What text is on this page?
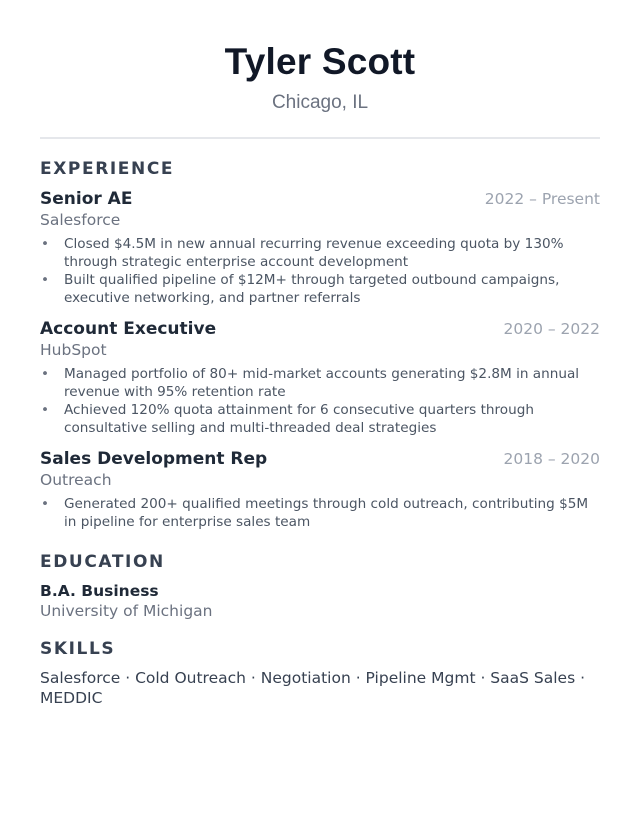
Tyler Scott
Chicago, IL
EXPERIENCE
Senior AE	2022 – Present
Salesforce
• Closed $4.5M in new annual recurring revenue exceeding quota by 130% through strategic enterprise account development
• Built qualified pipeline of $12M+ through targeted outbound campaigns, executive networking, and partner referrals
Account Executive	2020 – 2022
HubSpot
• Managed portfolio of 80+ mid-market accounts generating $2.8M in annual revenue with 95% retention rate
• Achieved 120% quota attainment for 6 consecutive quarters through consultative selling and multi-threaded deal strategies
Sales Development Rep	2018 – 2020
Outreach
• Generated 200+ qualified meetings through cold outreach, contributing $5M in pipeline for enterprise sales team
EDUCATION
B.A. Business
University of Michigan
SKILLS
Salesforce · Cold Outreach · Negotiation · Pipeline Mgmt · SaaS Sales · MEDDIC
